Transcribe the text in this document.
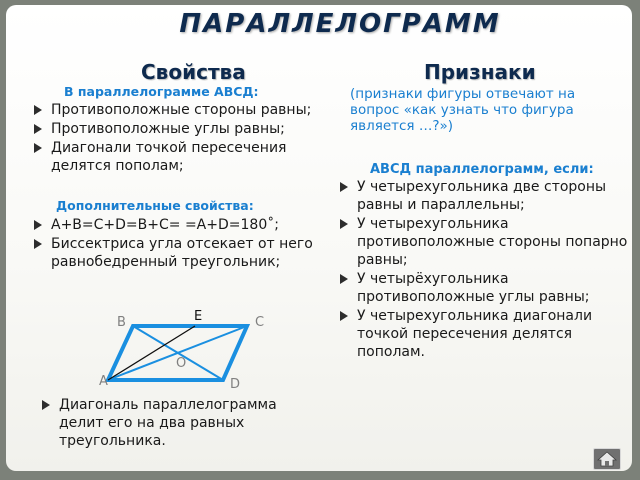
ПАРАЛЛЕЛОГРАММ
Свойства
В параллелограмме АВСД:
Противоположные стороны равны;
Противоположные углы равны;
Диагонали точкой пересечения делятся пополам;
Дополнительные свойства:
A+B=C+D=B+C= =A+D=180˚;
Биссектриса угла отсекает от него равнобедренный треугольник;
B	C
A	D
E
O
Диагональ параллелограмма делит его на два равных треугольника.
Признаки
(признаки фигуры отвечают на вопрос «как узнать что фигура является …?»)
АВСД параллелограмм, если:
У четырехугольника две стороны равны и параллельны;
У четырехугольника противоположные стороны попарно равны;
У четырёхугольника противоположные углы равны;
У четырехугольника диагонали точкой пересечения делятся пополам.
